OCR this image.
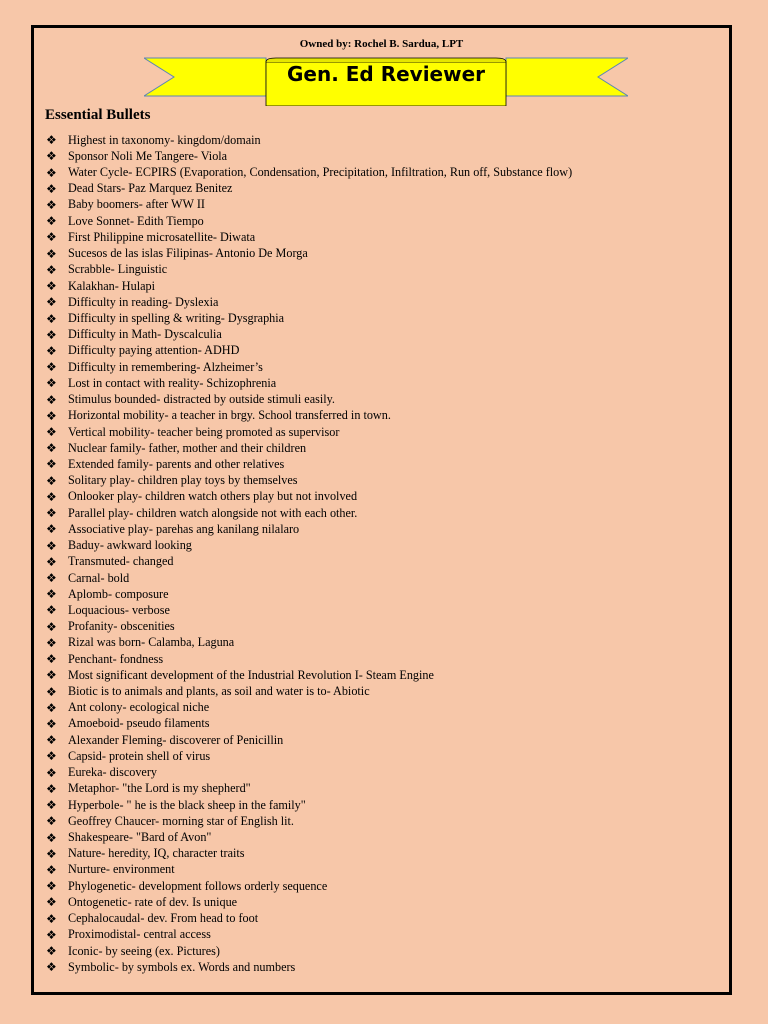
Owned by: Rochel B. Sardua, LPT
Gen. Ed Reviewer
Essential Bullets
❖ Highest in taxonomy- kingdom/domain
❖ Sponsor Noli Me Tangere- Viola
❖ Water Cycle- ECPIRS (Evaporation, Condensation, Precipitation, Infiltration, Run off, Substance flow)
❖ Dead Stars- Paz Marquez Benitez
❖ Baby boomers- after WW II
❖ Love Sonnet- Edith Tiempo
❖ First Philippine microsatellite- Diwata
❖ Sucesos de las islas Filipinas- Antonio De Morga
❖ Scrabble- Linguistic
❖ Kalakhan- Hulapi
❖ Difficulty in reading- Dyslexia
❖ Difficulty in spelling & writing- Dysgraphia
❖ Difficulty in Math- Dyscalculia
❖ Difficulty paying attention- ADHD
❖ Difficulty in remembering- Alzheimer’s
❖ Lost in contact with reality- Schizophrenia
❖ Stimulus bounded- distracted by outside stimuli easily.
❖ Horizontal mobility- a teacher in brgy. School transferred in town.
❖ Vertical mobility- teacher being promoted as supervisor
❖ Nuclear family- father, mother and their children
❖ Extended family- parents and other relatives
❖ Solitary play- children play toys by themselves
❖ Onlooker play- children watch others play but not involved
❖ Parallel play- children watch alongside not with each other.
❖ Associative play- parehas ang kanilang nilalaro
❖ Baduy- awkward looking
❖ Transmuted- changed
❖ Carnal- bold
❖ Aplomb- composure
❖ Loquacious- verbose
❖ Profanity- obscenities
❖ Rizal was born- Calamba, Laguna
❖ Penchant- fondness
❖ Most significant development of the Industrial Revolution I- Steam Engine
❖ Biotic is to animals and plants, as soil and water is to- Abiotic
❖ Ant colony- ecological niche
❖ Amoeboid- pseudo filaments
❖ Alexander Fleming- discoverer of Penicillin
❖ Capsid- protein shell of virus
❖ Eureka- discovery
❖ Metaphor- "the Lord is my shepherd"
❖ Hyperbole- " he is the black sheep in the family"
❖ Geoffrey Chaucer- morning star of English lit.
❖ Shakespeare- "Bard of Avon"
❖ Nature- heredity, IQ, character traits
❖ Nurture- environment
❖ Phylogenetic- development follows orderly sequence
❖ Ontogenetic- rate of dev. Is unique
❖ Cephalocaudal- dev. From head to foot
❖ Proximodistal- central access
❖ Iconic- by seeing (ex. Pictures)
❖ Symbolic- by symbols ex. Words and numbers
